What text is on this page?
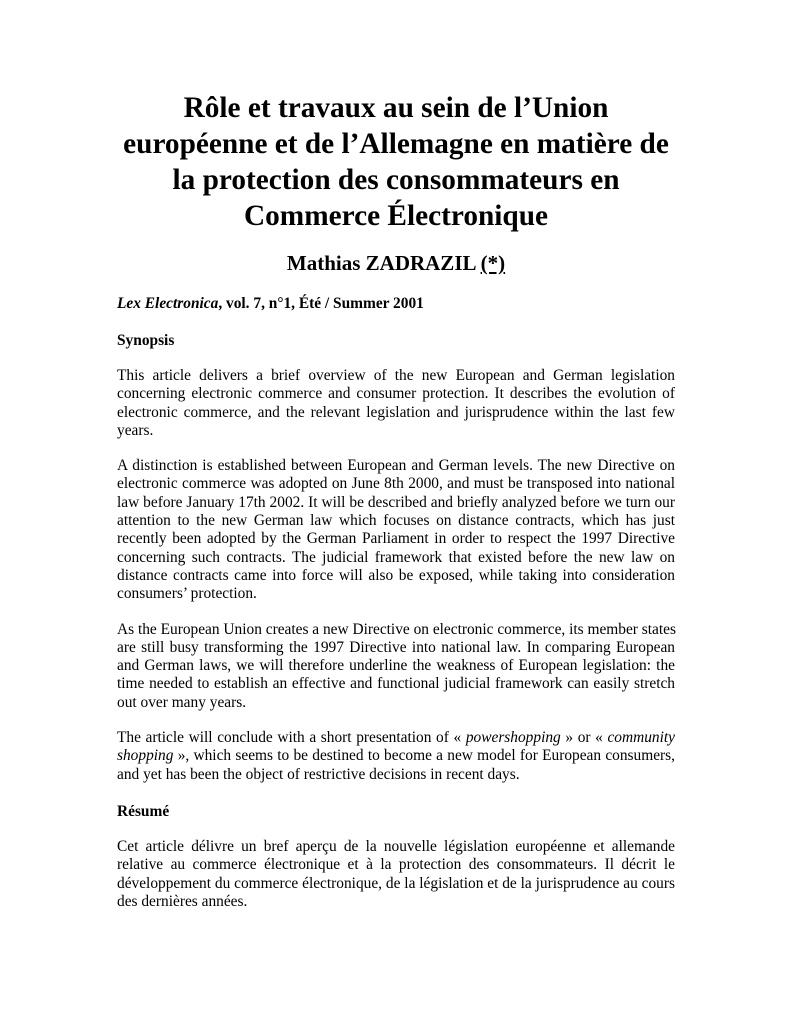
Rôle et travaux au sein de l’Union
européenne et de l’Allemagne en matière de
la protection des consommateurs en
Commerce Électronique
Mathias ZADRAZIL (*)
Lex Electronica, vol. 7, n°1, Été / Summer 2001
Synopsis
This article delivers a brief overview of the new European and German legislation
concerning electronic commerce and consumer protection. It describes the evolution of
electronic commerce, and the relevant legislation and jurisprudence within the last few
years.
A distinction is established between European and German levels. The new Directive on
electronic commerce was adopted on June 8th 2000, and must be transposed into national
law before January 17th 2002. It will be described and briefly analyzed before we turn our
attention to the new German law which focuses on distance contracts, which has just
recently been adopted by the German Parliament in order to respect the 1997 Directive
concerning such contracts. The judicial framework that existed before the new law on
distance contracts came into force will also be exposed, while taking into consideration
consumers’ protection.
As the European Union creates a new Directive on electronic commerce, its member states
are still busy transforming the 1997 Directive into national law. In comparing European
and German laws, we will therefore underline the weakness of European legislation: the
time needed to establish an effective and functional judicial framework can easily stretch
out over many years.
The article will conclude with a short presentation of « powershopping » or « community
shopping », which seems to be destined to become a new model for European consumers,
and yet has been the object of restrictive decisions in recent days.
Résumé
Cet article délivre un bref aperçu de la nouvelle législation européenne et allemande
relative au commerce électronique et à la protection des consommateurs. Il décrit le
développement du commerce électronique, de la législation et de la jurisprudence au cours
des dernières années.
